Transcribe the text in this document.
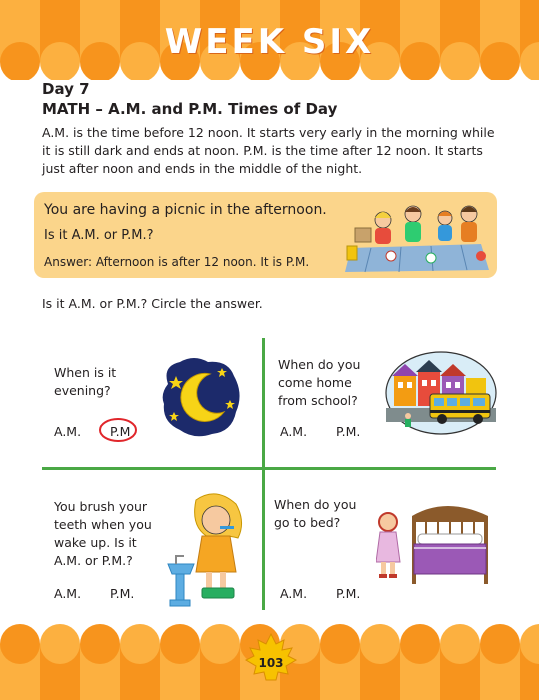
WEEK SIX
Day 7
MATH – A.M. and P.M. Times of Day
A.M. is the time before 12 noon. It starts very early in the morning while
it is still dark and ends at noon. P.M. is the time after 12 noon. It starts
just after noon and ends in the middle of the night.
You are having a picnic in the afternoon.
Is it A.M. or P.M.?
Answer: Afternoon is after 12 noon. It is P.M.
Is it A.M. or P.M.? Circle the answer.
When is it
evening?
A.M. P.M
When do you
come home
from school?
A.M. P.M.
You brush your
teeth when you
wake up. Is it
A.M. or P.M.?
A.M. P.M.
When do you
go to bed?
A.M. P.M.
103
